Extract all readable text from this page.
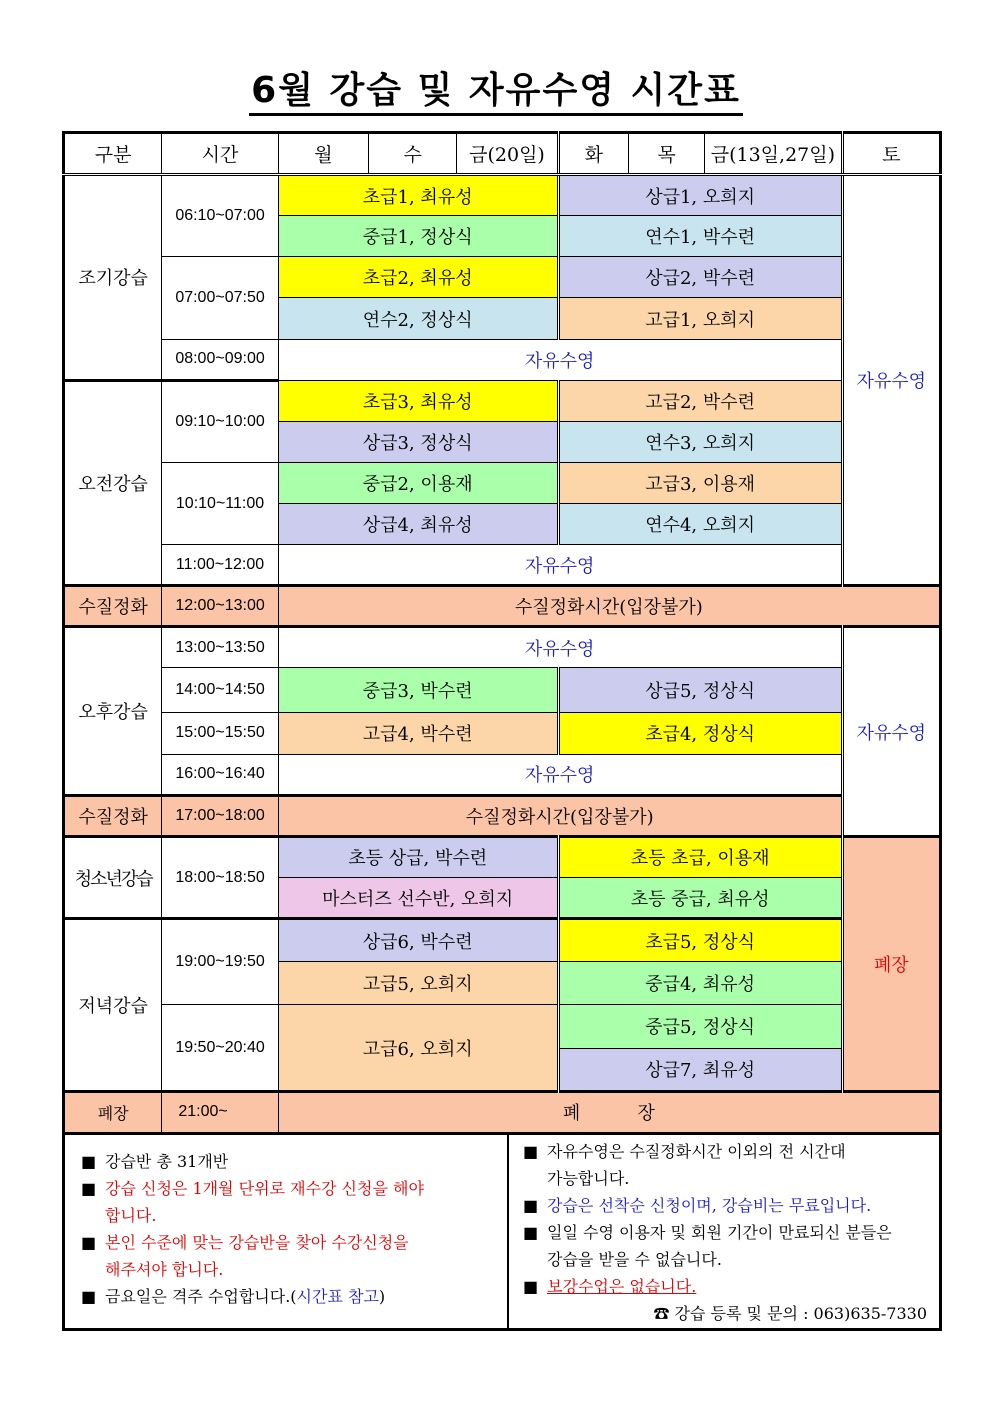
6월 강습 및 자유수영 시간표
구분	시간	월	수	금(20일)	화	목	금(13일,27일)	토
조기강습	06:10~07:00	초급1, 최유성			상급1, 오희지			자유수영
		중급1, 정상식			연수1, 박수련			
	07:00~07:50	초급2, 최유성			상급2, 박수련			
		연수2, 정상식			고급1, 오희지			
	08:00~09:00	자유수영						
오전강습	09:10~10:00	초급3, 최유성			고급2, 박수련			
		상급3, 정상식			연수3, 오희지			
	10:10~11:00	중급2, 이용재			고급3, 이용재			
		상급4, 최유성			연수4, 오희지			
	11:00~12:00	자유수영						
수질정화	12:00~13:00	수질정화시간(입장불가)						
오후강습	13:00~13:50	자유수영						자유수영
	14:00~14:50	중급3, 박수련			상급5, 정상식			
	15:00~15:50	고급4, 박수련			초급4, 정상식			
	16:00~16:40	자유수영						
수질정화	17:00~18:00	수질정화시간(입장불가)						
청소년강습	18:00~18:50	초등 상급, 박수련			초등 초급, 이용재			폐장
		마스터즈 선수반, 오희지			초등 중급, 최유성			
저녁강습	19:00~19:50	상급6, 박수련			초급5, 정상식			
		고급5, 오희지			중급4, 최유성			
	19:50~20:40	고급6, 오희지			중급5, 정상식			
					상급7, 최유성			
폐장	21:00~	폐          장						
■ 강습반 총 31개반
■ 강습 신청은 1개월 단위로 재수강 신청을 해야
합니다.
■ 본인 수준에 맞는 강습반을 찾아 수강신청을
해주셔야 합니다.
■ 금요일은 격주 수업합니다.(시간표 참고)
■ 자유수영은 수질정화시간 이외의 전 시간대
가능합니다.
■ 강습은 선착순 신청이며, 강습비는 무료입니다.
■ 일일 수영 이용자 및 회원 기간이 만료되신 분들은
강습을 받을 수 없습니다.
■ 보강수업은 없습니다.
☎ 강습 등록 및 문의 : 063)635-7330
